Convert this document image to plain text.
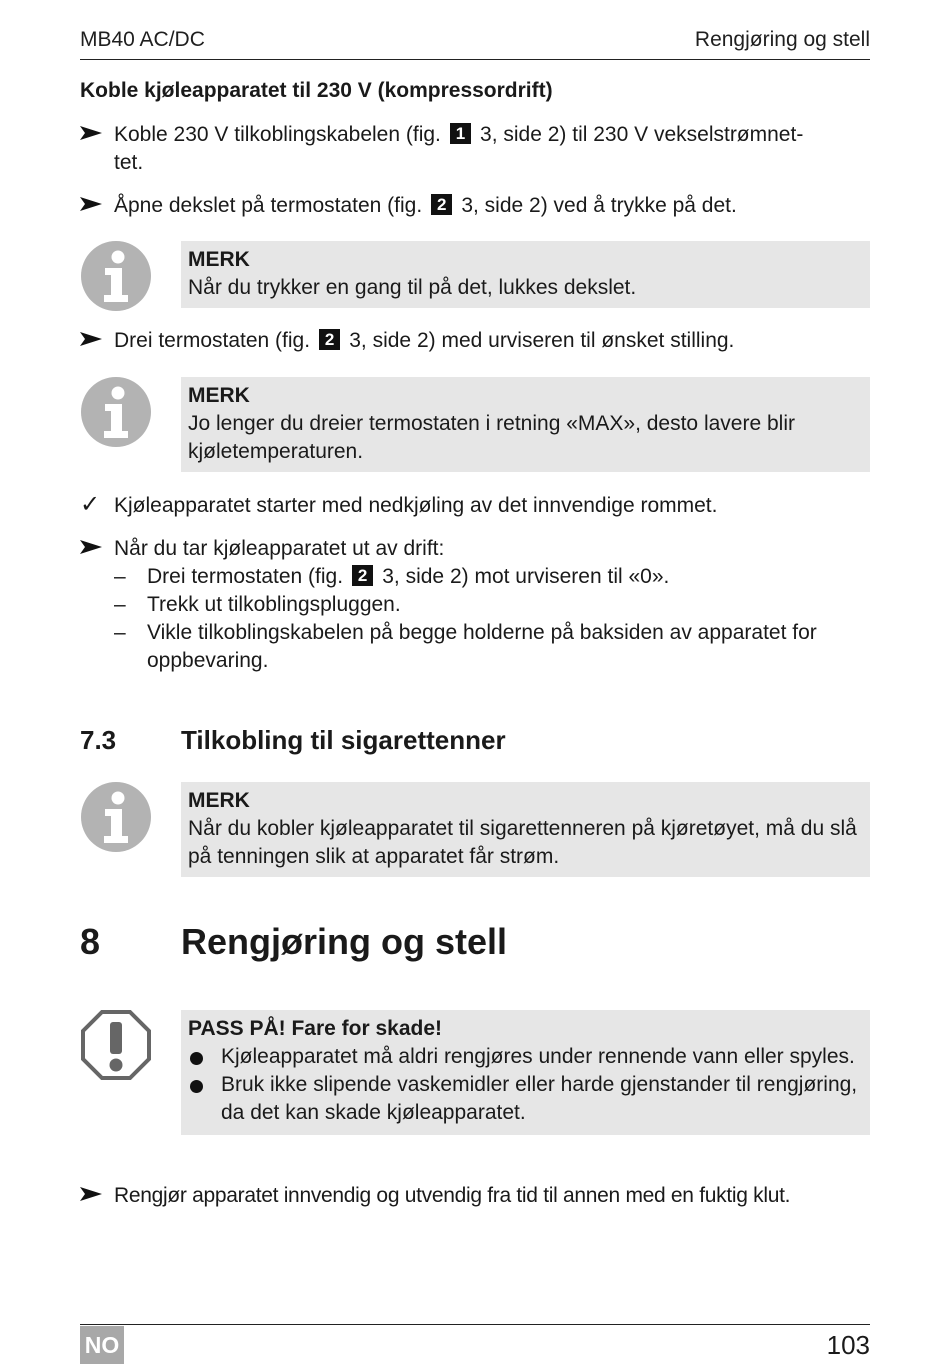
MB40 AC/DC	Rengjøring og stell
Koble kjøleapparatet til 230 V (kompressordrift)
Koble 230 V tilkoblingskabelen (fig. 1 3, side 2) til 230 V vekselstrømnet-
tet.
Åpne dekslet på termostaten (fig. 2 3, side 2) ved å trykke på det.
MERK
Når du trykker en gang til på det, lukkes dekslet.
Drei termostaten (fig. 2 3, side 2) med urviseren til ønsket stilling.
MERK
Jo lenger du dreier termostaten i retning «MAX», desto lavere blir kjøletemperaturen.
✓ Kjøleapparatet starter med nedkjøling av det innvendige rommet.
Når du tar kjøleapparatet ut av drift:
– Drei termostaten (fig. 2 3, side 2) mot urviseren til «0».
– Trekk ut tilkoblingspluggen.
– Vikle tilkoblingskabelen på begge holderne på baksiden av apparatet for oppbevaring.
7.3 Tilkobling til sigarettenner
MERK
Når du kobler kjøleapparatet til sigarettenneren på kjøretøyet, må du slå på tenningen slik at apparatet får strøm.
8 Rengjøring og stell
PASS PÅ! Fare for skade!
Kjøleapparatet må aldri rengjøres under rennende vann eller spyles.
Bruk ikke slipende vaskemidler eller harde gjenstander til rengjøring, da det kan skade kjøleapparatet.
Rengjør apparatet innvendig og utvendig fra tid til annen med en fuktig klut.
NO	103
